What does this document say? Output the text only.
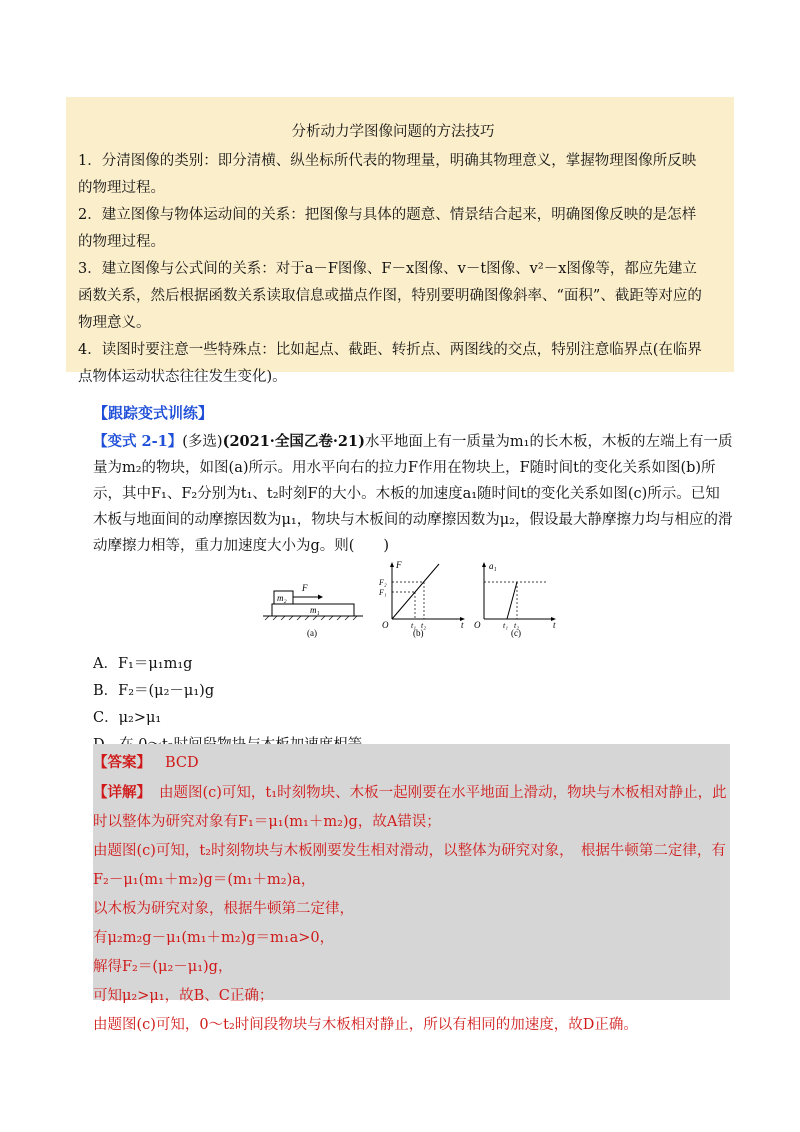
分析动力学图像问题的方法技巧

1．分清图像的类别：即分清横、纵坐标所代表的物理量，明确其物理意义，掌握物理图像所反映的物理过程。

2．建立图像与物体运动间的关系：把图像与具体的题意、情景结合起来，明确图像反映的是怎样的物理过程。

3．建立图像与公式间的关系：对于a－F图像、F－x图像、v－t图像、v²－x图像等，都应先建立函数关系，然后根据函数关系读取信息或描点作图，特别要明确图像斜率、“面积”、截距等对应的物理意义。

4．读图时要注意一些特殊点：比如起点、截距、转折点、两图线的交点，特别注意临界点(在临界点物体运动状态往往发生变化)。

【跟踪变式训练】

【变式 2-1】(多选)(2021·全国乙卷·21)水平地面上有一质量为m₁的长木板，木板的左端上有一质量为m₂的物块，如图(a)所示。用水平向右的拉力F作用在物块上，F随时间t的变化关系如图(b)所示，其中F₁、F₂分别为t₁、t₂时刻F的大小。木板的加速度a₁随时间t的变化关系如图(c)所示。已知木板与地面间的动摩擦因数为μ₁，物块与木板间的动摩擦因数为μ₂，假设最大静摩擦力均与相应的滑动摩擦力相等，重力加速度大小为g。则(　　)

m₂
m₁
F
(a)
F
t
O
F₂
F₁
t₁ t₂
(b)
a₁
t
O	t₁ t₂
(c)

A．F₁＝μ₁m₁g

B．F₂＝(μ₂－μ₁)g

C．μ₂>μ₁

【答案】 BCD

【详解】 由题图(c)可知，t₁时刻物块、木板一起刚要在水平地面上滑动，物块与木板相对静止，此时以整体为研究对象有F₁＝μ₁(m₁＋m₂)g，故A错误；

由题图(c)可知，t₂时刻物块与木板刚要发生相对滑动，以整体为研究对象，　根据牛顿第二定律，有F₂－μ₁(m₁＋m₂)g＝(m₁＋m₂)a，

以木板为研究对象，根据牛顿第二定律，

有μ₂m₂g－μ₁(m₁＋m₂)g＝m₁a>0，

解得F₂＝(μ₂－μ₁)g，

可知μ₂>μ₁，故B、C正确；

由题图(c)可知，0～t₂时间段物块与木板相对静止，所以有相同的加速度，故D正确。
